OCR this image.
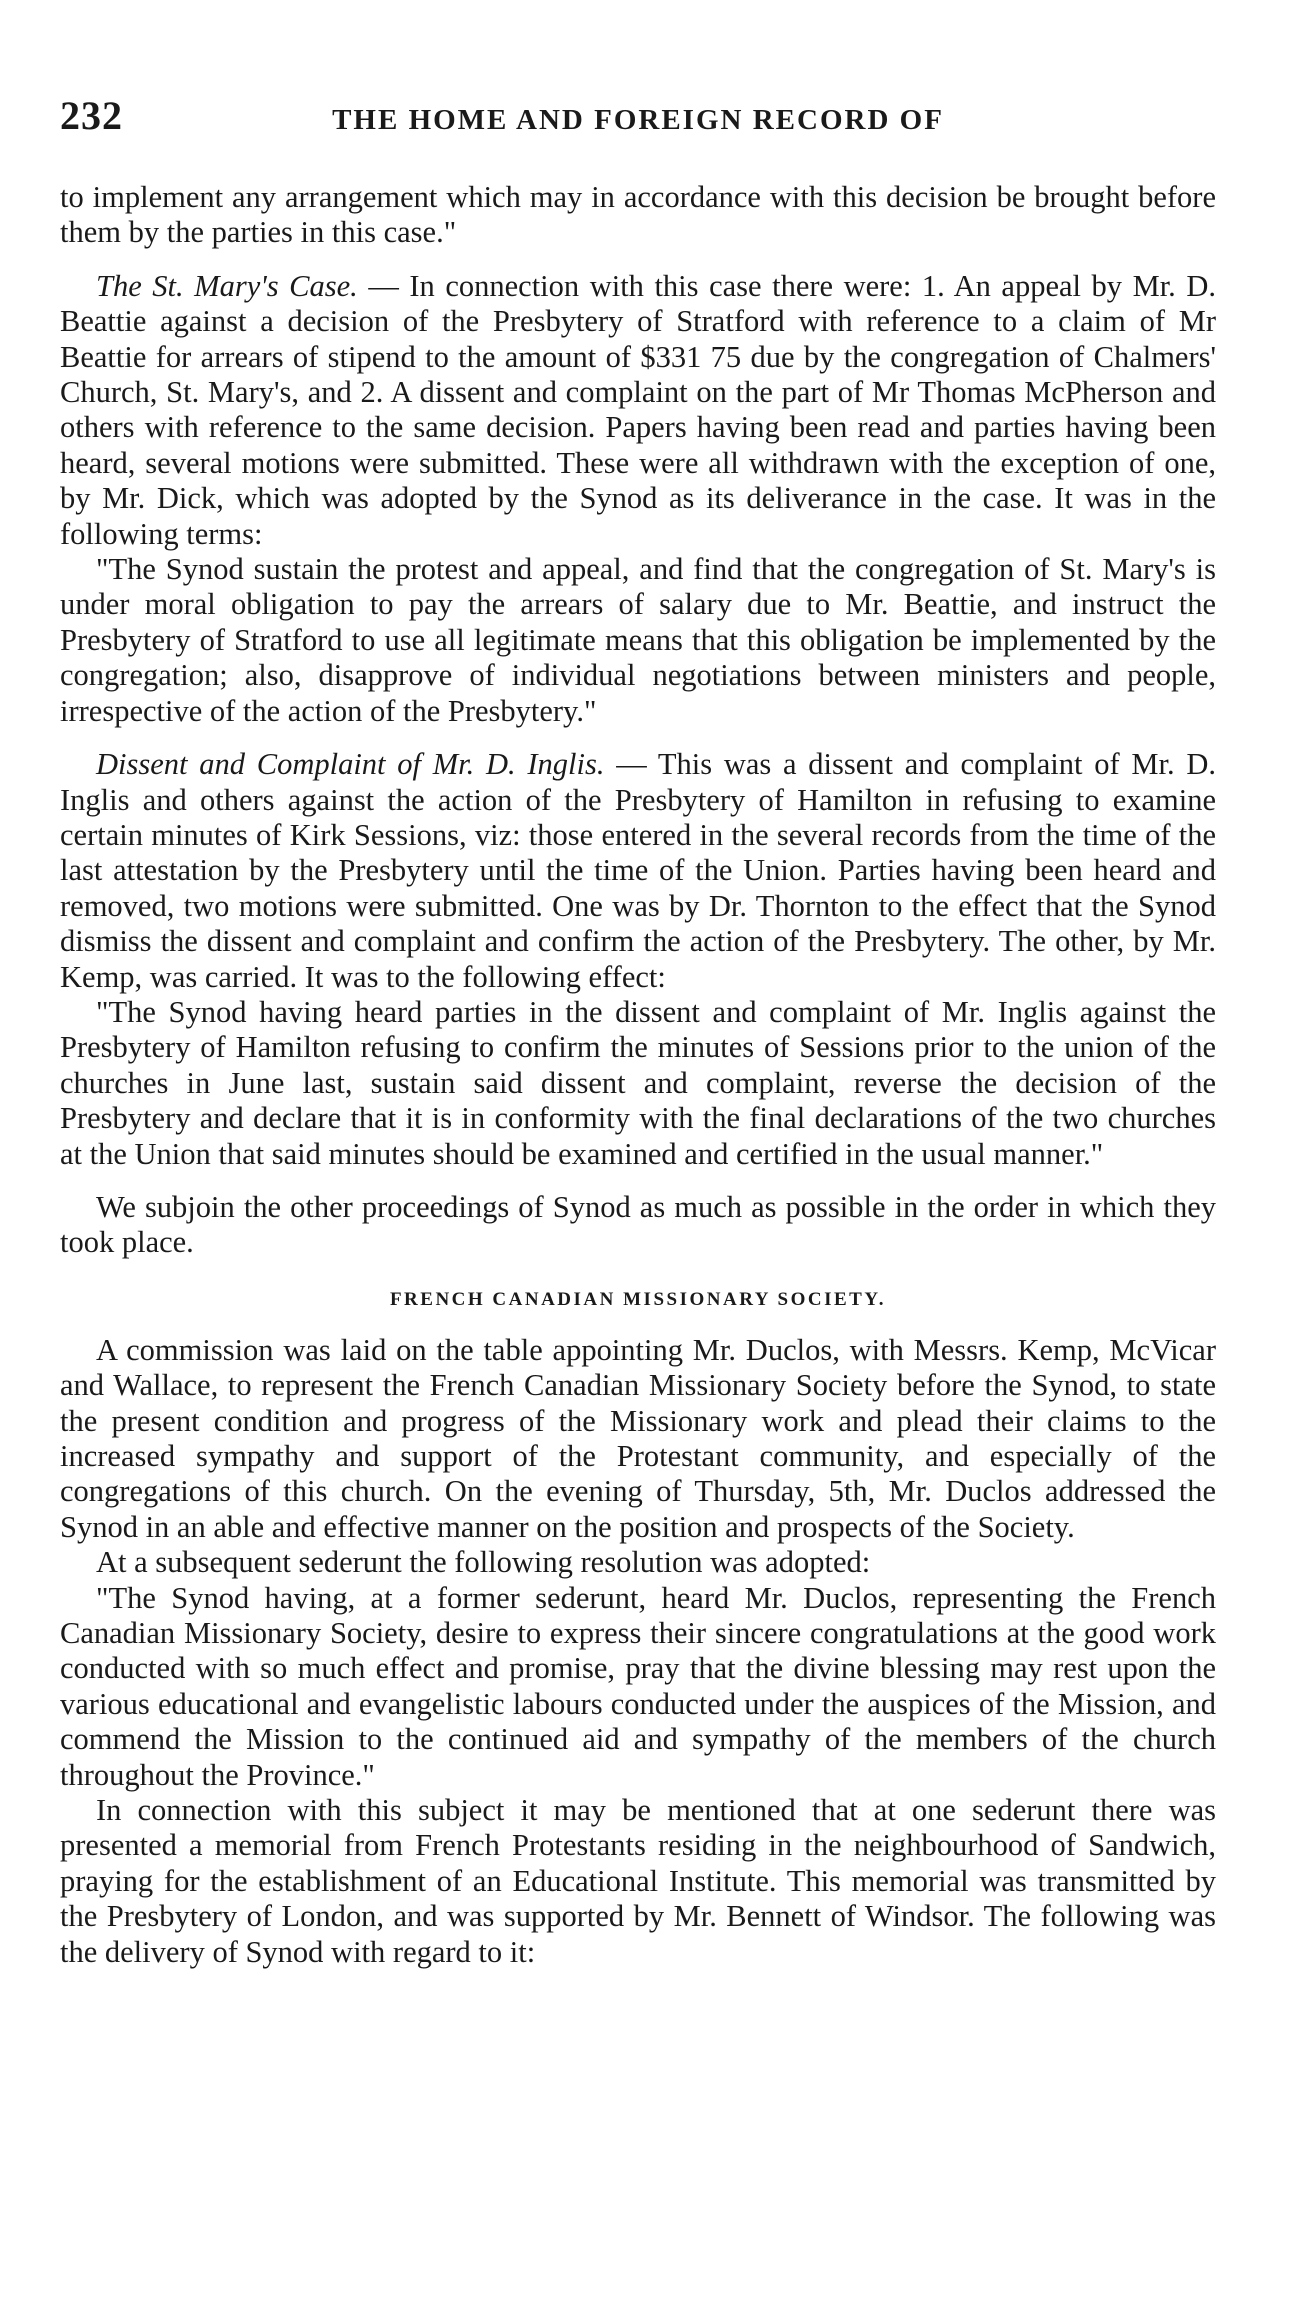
232	THE HOME AND FOREIGN RECORD OF

to implement any arrangement which may in accordance with this decision be brought before them by the parties in this case."

The St. Mary's Case. — In connection with this case there were: 1. An appeal by Mr. D. Beattie against a decision of the Presbytery of Stratford with reference to a claim of Mr Beattie for arrears of stipend to the amount of $331 75 due by the congregation of Chalmers' Church, St. Mary's, and 2. A dissent and complaint on the part of Mr Thomas McPherson and others with reference to the same decision. Papers having been read and parties having been heard, several motions were submitted. These were all withdrawn with the exception of one, by Mr. Dick, which was adopted by the Synod as its deliverance in the case. It was in the following terms:

"The Synod sustain the protest and appeal, and find that the congregation of St. Mary's is under moral obligation to pay the arrears of salary due to Mr. Beattie, and instruct the Presbytery of Stratford to use all legitimate means that this obligation be implemented by the congregation; also, disapprove of individual negotiations between ministers and people, irrespective of the action of the Presbytery."

Dissent and Complaint of Mr. D. Inglis. — This was a dissent and complaint of Mr. D. Inglis and others against the action of the Presbytery of Hamilton in refusing to examine certain minutes of Kirk Sessions, viz: those entered in the several records from the time of the last attestation by the Presbytery until the time of the Union. Parties having been heard and removed, two motions were submitted. One was by Dr. Thornton to the effect that the Synod dismiss the dissent and complaint and confirm the action of the Presbytery. The other, by Mr. Kemp, was carried. It was to the following effect:

"The Synod having heard parties in the dissent and complaint of Mr. Inglis against the Presbytery of Hamilton refusing to confirm the minutes of Sessions prior to the union of the churches in June last, sustain said dissent and complaint, reverse the decision of the Presbytery and declare that it is in conformity with the final declarations of the two churches at the Union that said minutes should be examined and certified in the usual manner."

We subjoin the other proceedings of Synod as much as possible in the order in which they took place.

FRENCH CANADIAN MISSIONARY SOCIETY.

A commission was laid on the table appointing Mr. Duclos, with Messrs. Kemp, McVicar and Wallace, to represent the French Canadian Missionary Society before the Synod, to state the present condition and progress of the Missionary work and plead their claims to the increased sympathy and support of the Protestant community, and especially of the congregations of this church. On the evening of Thursday, 5th, Mr. Duclos addressed the Synod in an able and effective manner on the position and prospects of the Society.

At a subsequent sederunt the following resolution was adopted:

"The Synod having, at a former sederunt, heard Mr. Duclos, representing the French Canadian Missionary Society, desire to express their sincere congratulations at the good work conducted with so much effect and promise, pray that the divine blessing may rest upon the various educational and evangelistic labours conducted under the auspices of the Mission, and commend the Mission to the continued aid and sympathy of the members of the church throughout the Province."

In connection with this subject it may be mentioned that at one sederunt there was presented a memorial from French Protestants residing in the neighbourhood of Sandwich, praying for the establishment of an Educational Institute. This memorial was transmitted by the Presbytery of London, and was supported by Mr. Bennett of Windsor. The following was the delivery of Synod with regard to it:
